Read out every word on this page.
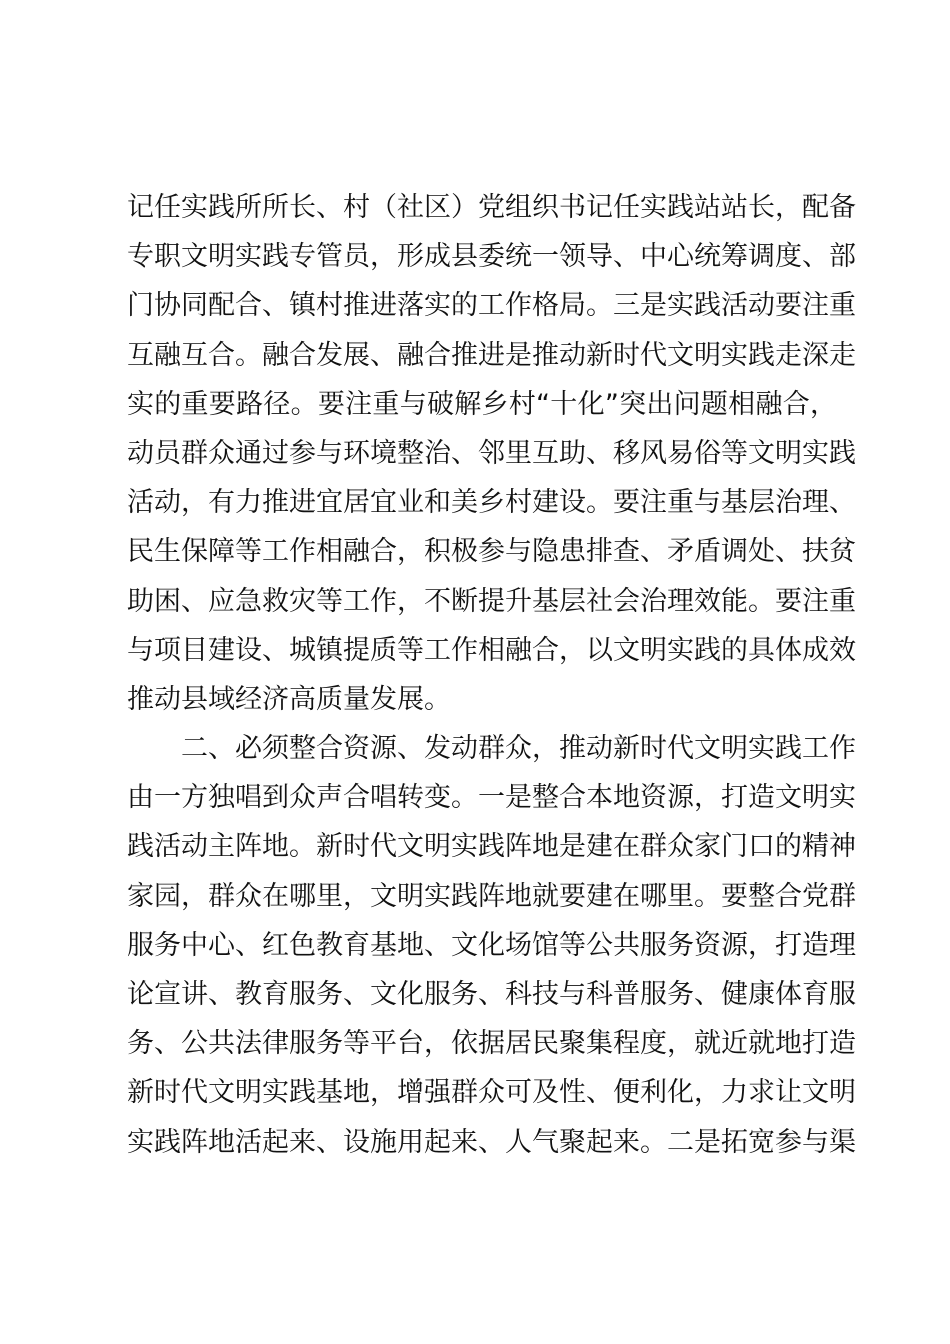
记任实践所所长、村（社区）党组织书记任实践站站长，配备
专职文明实践专管员，形成县委统一领导、中心统筹调度、部
门协同配合、镇村推进落实的工作格局。三是实践活动要注重
互融互合。融合发展、融合推进是推动新时代文明实践走深走
实的重要路径。要注重与破解乡村“十化”突出问题相融合，
动员群众通过参与环境整治、邻里互助、移风易俗等文明实践
活动，有力推进宜居宜业和美乡村建设。要注重与基层治理、
民生保障等工作相融合，积极参与隐患排查、矛盾调处、扶贫
助困、应急救灾等工作，不断提升基层社会治理效能。要注重
与项目建设、城镇提质等工作相融合，以文明实践的具体成效
推动县域经济高质量发展。
二、必须整合资源、发动群众，推动新时代文明实践工作
由一方独唱到众声合唱转变。一是整合本地资源，打造文明实
践活动主阵地。新时代文明实践阵地是建在群众家门口的精神
家园，群众在哪里，文明实践阵地就要建在哪里。要整合党群
服务中心、红色教育基地、文化场馆等公共服务资源，打造理
论宣讲、教育服务、文化服务、科技与科普服务、健康体育服
务、公共法律服务等平台，依据居民聚集程度，就近就地打造
新时代文明实践基地，增强群众可及性、便利化，力求让文明
实践阵地活起来、设施用起来、人气聚起来。二是拓宽参与渠
